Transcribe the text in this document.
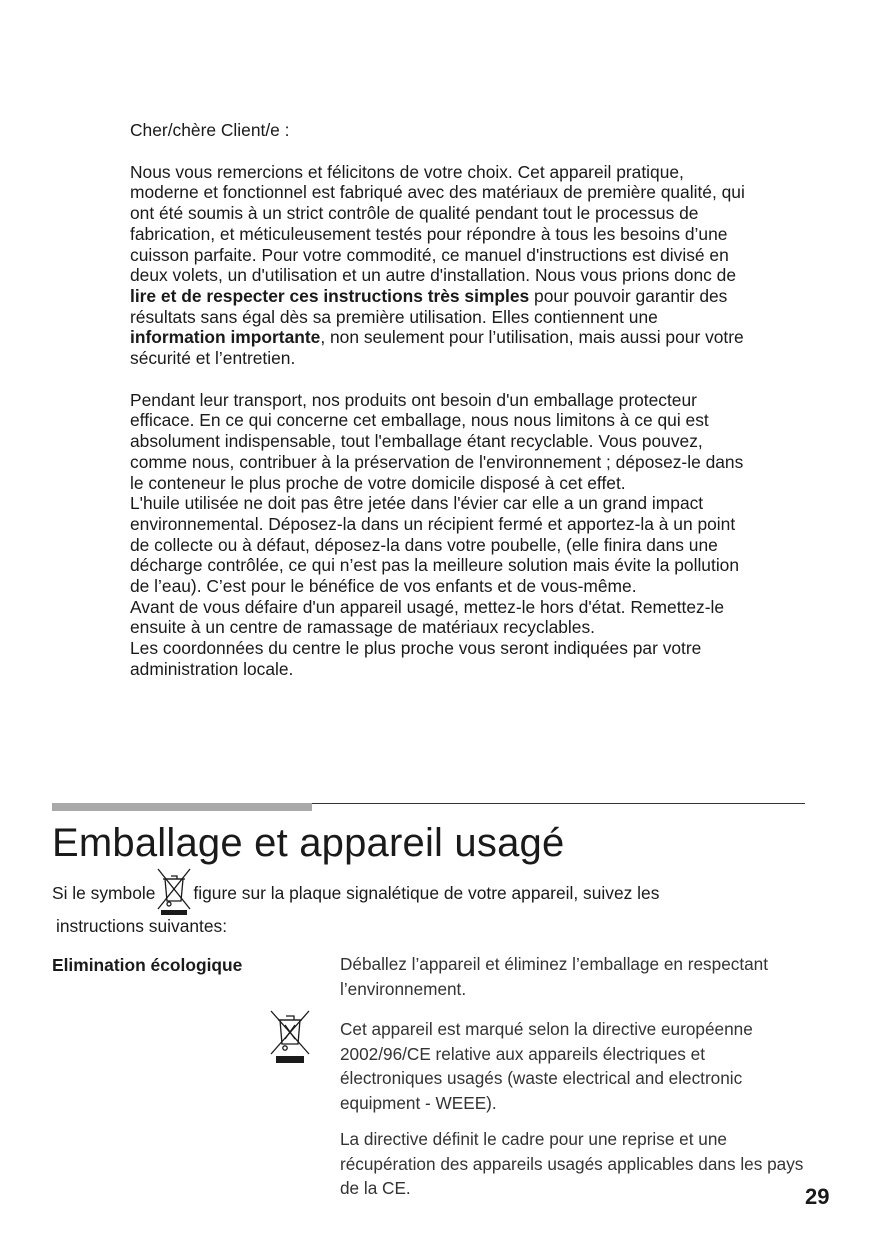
Cher/chère Client/e :

Nous vous remercions et félicitons de votre choix. Cet appareil pratique, moderne et fonctionnel est fabriqué avec des matériaux de première qualité, qui ont été soumis à un strict contrôle de qualité pendant tout le processus de fabrication, et méticuleusement testés pour répondre à tous les besoins d’une cuisson parfaite. Pour votre commodité, ce manuel d'instructions est divisé en deux volets, un d'utilisation et un autre d'installation. Nous vous prions donc de lire et de respecter ces instructions très simples pour pouvoir garantir des résultats sans égal dès sa première utilisation. Elles contiennent une information importante, non seulement pour l’utilisation, mais aussi pour votre sécurité et l’entretien.

Pendant leur transport, nos produits ont besoin d'un emballage protecteur efficace. En ce qui concerne cet emballage, nous nous limitons à ce qui est absolument indispensable, tout l'emballage étant recyclable. Vous pouvez, comme nous, contribuer à la préservation de l'environnement ; déposez-le dans le conteneur le plus proche de votre domicile disposé à cet effet.

L'huile utilisée ne doit pas être jetée dans l'évier car elle a un grand impact environnemental. Déposez-la dans un récipient fermé et apportez-la à un point de collecte ou à défaut, déposez-la dans votre poubelle, (elle finira dans une décharge contrôlée, ce qui n’est pas la meilleure solution mais évite la pollution de l’eau). C’est pour le bénéfice de vos enfants et de vous-même.

Avant de vous défaire d'un appareil usagé, mettez-le hors d'état. Remettez-le ensuite à un centre de ramassage de matériaux recyclables.

Les coordonnées du centre le plus proche vous seront indiquées par votre administration locale.

Emballage et appareil usagé
Si le symbole figure sur la plaque signalétique de votre appareil, suivez les
instructions suivantes:
Elimination écologique	Déballez l’appareil et éliminez l’emballage en respectant l’environnement.

Cet appareil est marqué selon la directive européenne 2002/96/CE relative aux appareils électriques et électroniques usagés (waste electrical and electronic equipment - WEEE).

La directive définit le cadre pour une reprise et une récupération des appareils usagés applicables dans les pays de la CE.	29
